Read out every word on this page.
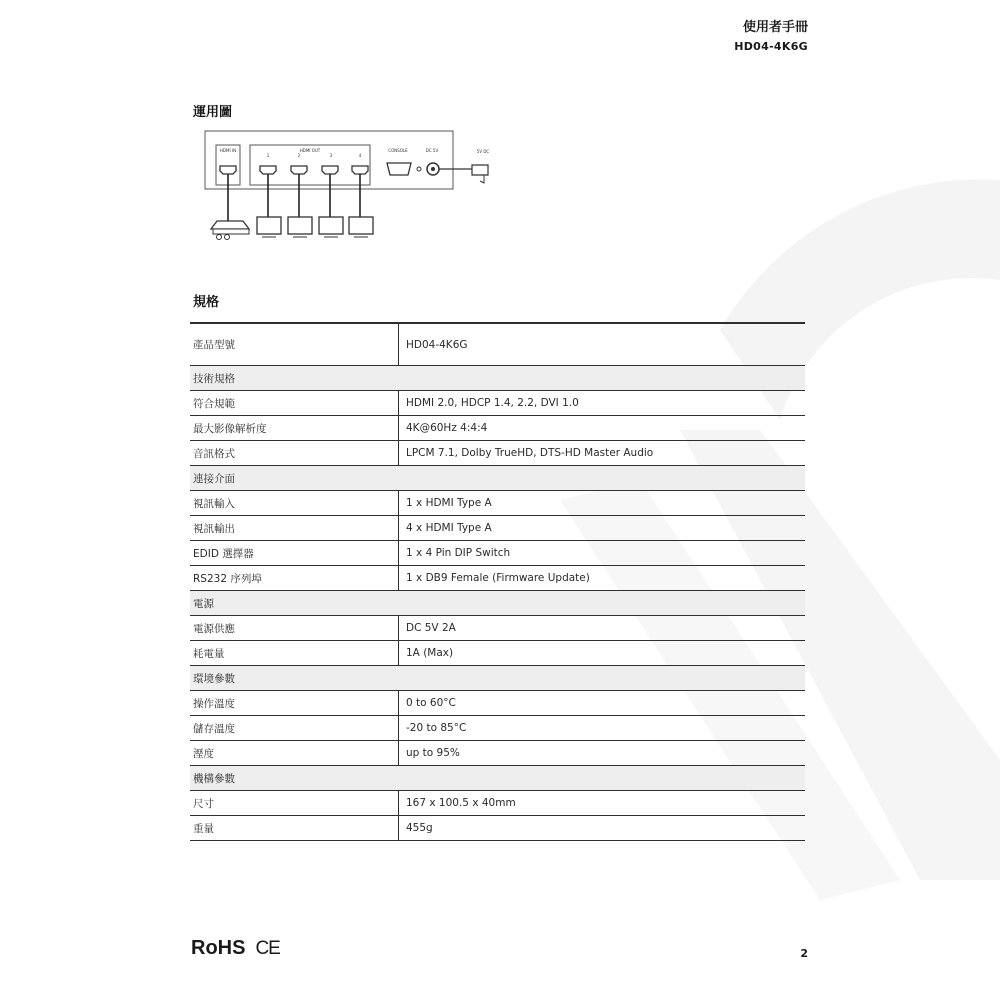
使用者手冊
HD04-4K6G
運用圖
HDMI IN	HDMI OUT
1	2	3	4
CONSOLE	DC 5V	5V DC
規格
產品型號	HD04-4K6G
技術規格	
符合規範	HDMI 2.0, HDCP 1.4, 2.2, DVI 1.0
最大影像解析度	4K@60Hz 4:4:4
音訊格式	LPCM 7.1, Dolby TrueHD, DTS-HD Master Audio
連接介面	
視訊輸入	1 x HDMI Type A
視訊輸出	4 x HDMI Type A
EDID 選擇器	1 x 4 Pin DIP Switch
RS232 序列埠	1 x DB9 Female (Firmware Update)
電源	
電源供應	DC 5V 2A
耗電量	1A (Max)
環境參數	
操作溫度	0 to 60°C
儲存溫度	-20 to 85°C
溼度	up to 95%
機構參數	
尺寸	167 x 100.5 x 40mm
重量	455g
RoHS CE	2
